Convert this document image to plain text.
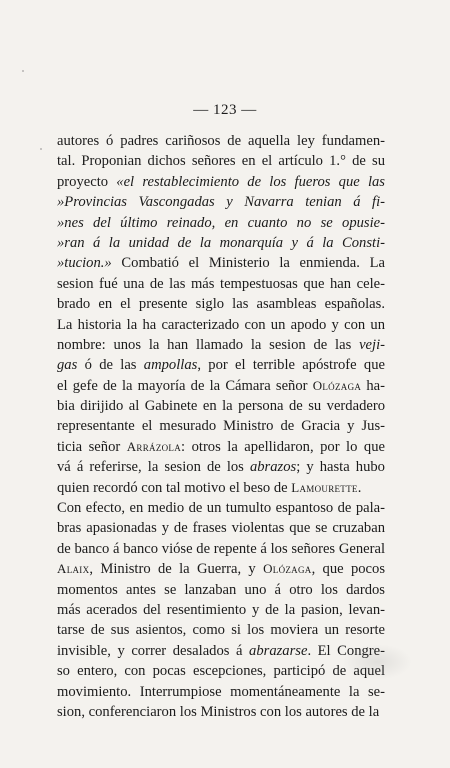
— 123 —
autores ó padres cariñosos de aquella ley fundamen-
tal. Proponian dichos señores en el artículo 1.° de su
proyecto «el restablecimiento de los fueros que las
»Provincias Vascongadas y Navarra tenian á fi-
»nes del último reinado, en cuanto no se opusie-
»ran á la unidad de la monarquía y á la Consti-
»tucion.» Combatió el Ministerio la enmienda. La
sesion fué una de las más tempestuosas que han cele-
brado en el presente siglo las asambleas españolas.
La historia la ha caracterizado con un apodo y con un
nombre: unos la han llamado la sesion de las veji-
gas ó de las ampollas, por el terrible apóstrofe que
el gefe de la mayoría de la Cámara señor Olózaga ha-
bia dirijido al Gabinete en la persona de su verdadero
representante el mesurado Ministro de Gracia y Jus-
ticia señor Arrázola: otros la apellidaron, por lo que
vá á referirse, la sesion de los abrazos; y hasta hubo
quien recordó con tal motivo el beso de Lamourette.
Con efecto, en medio de un tumulto espantoso de pala-
bras apasionadas y de frases violentas que se cruzaban
de banco á banco vióse de repente á los señores General
Alaix, Ministro de la Guerra, y Olózaga, que pocos
momentos antes se lanzaban uno á otro los dardos
más acerados del resentimiento y de la pasion, levan-
tarse de sus asientos, como si los moviera un resorte
invisible, y correr desalados á abrazarse. El Congre-
so entero, con pocas escepciones, participó de aquel
movimiento. Interrumpiose momentáneamente la se-
sion, conferenciaron los Ministros con los autores de la
